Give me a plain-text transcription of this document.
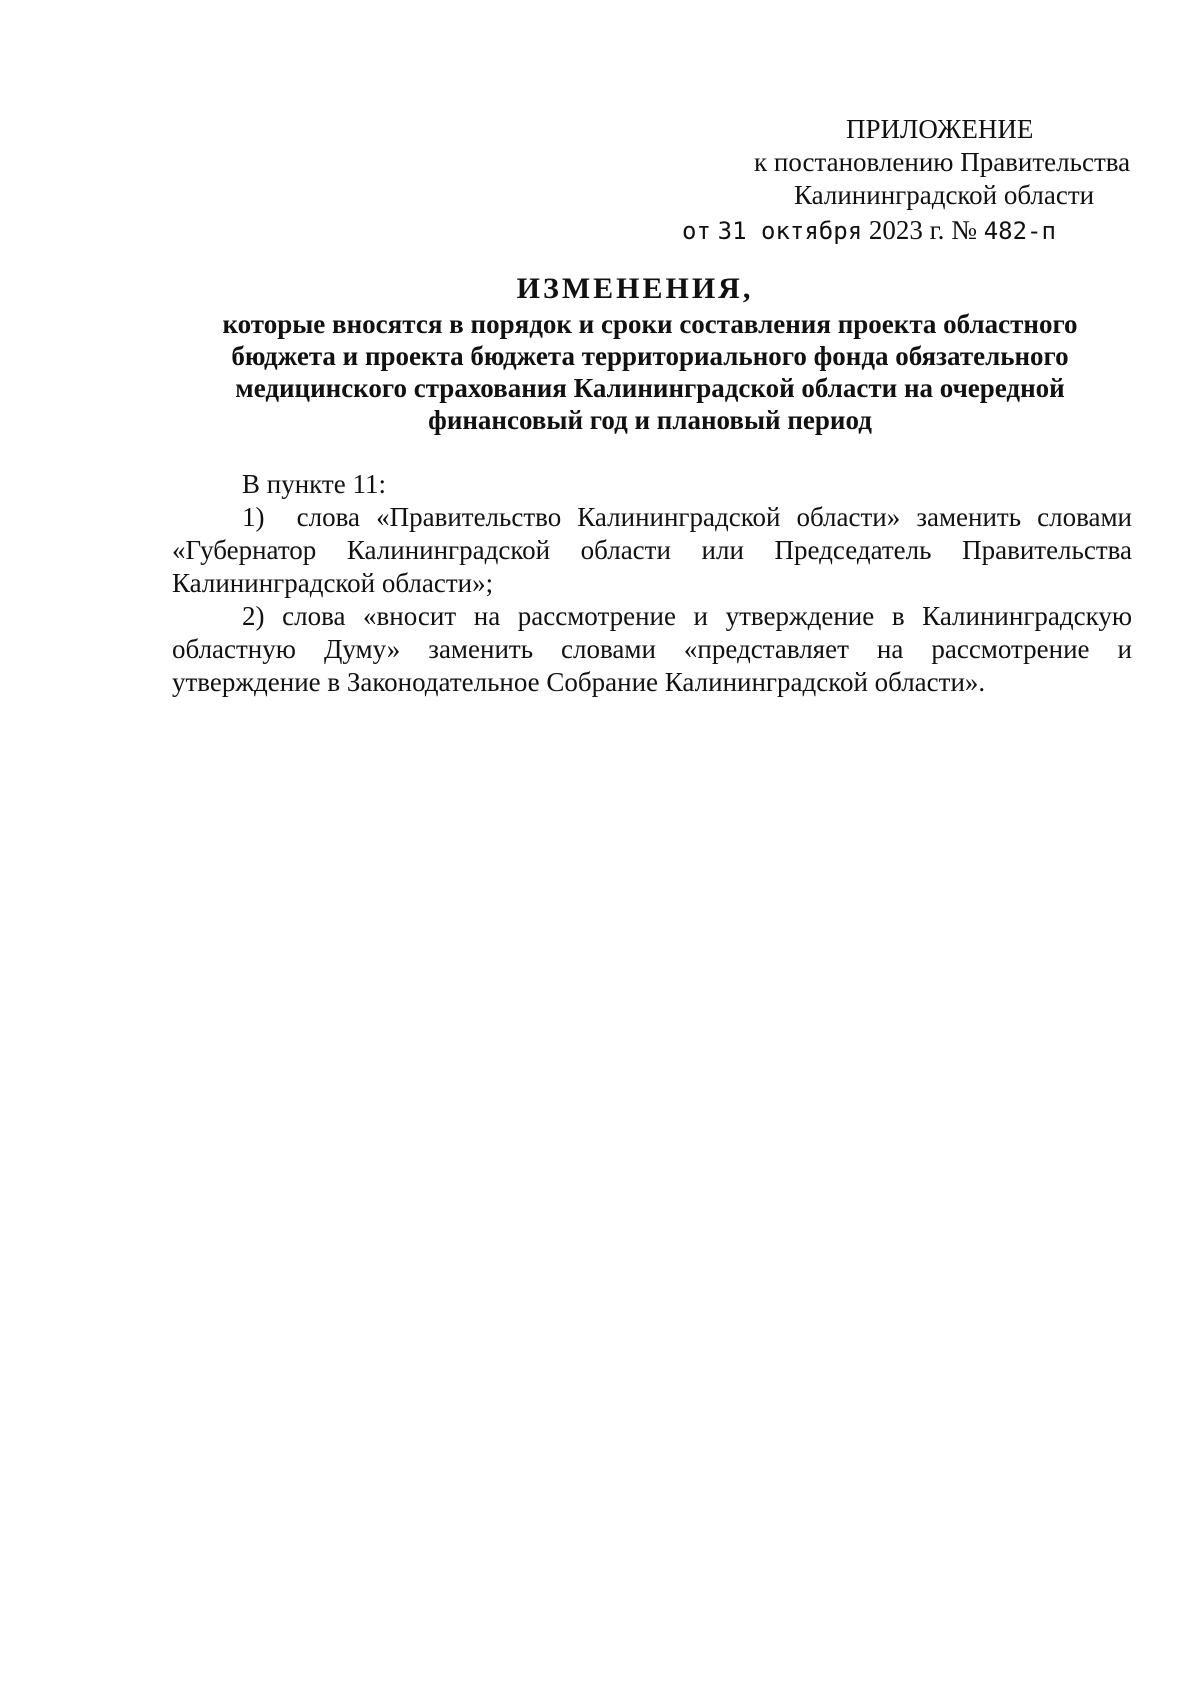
ПРИЛОЖЕНИЕ
к постановлению Правительства
Калининградской области
от 31 октября 2023 г. № 482-п
ИЗМЕНЕНИЯ,
которые вносятся в порядок и сроки составления проекта областного
бюджета и проекта бюджета территориального фонда обязательного
медицинского страхования Калининградской области на очередной
финансовый год и плановый период

В пункте 11:

1) слова «Правительство Калининградской области» заменить словами «Губернатор Калининградской области или Председатель Правительства Калининградской области»;

2) слова «вносит на рассмотрение и утверждение в Калининградскую областную Думу» заменить словами «представляет на рассмотрение и утверждение в Законодательное Собрание Калининградской области».
